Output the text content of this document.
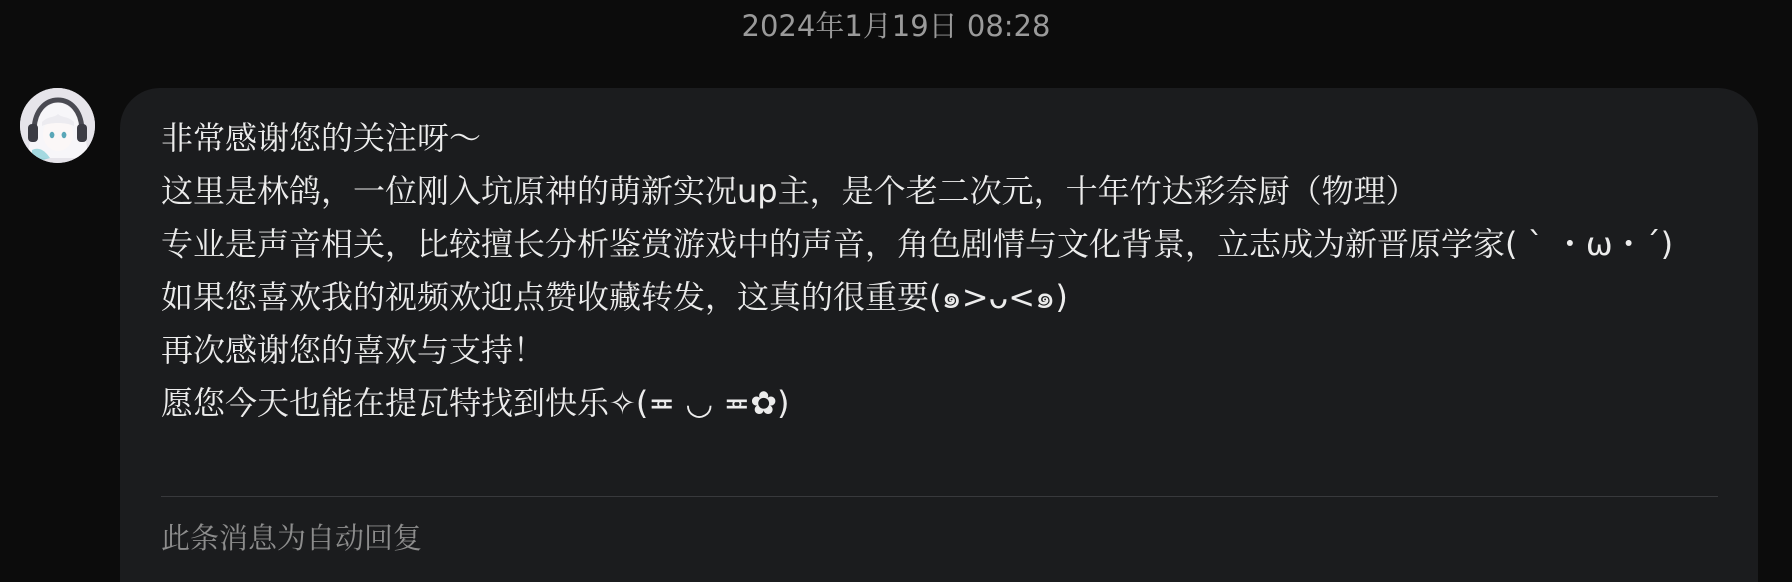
2024年1月19日 08:28
非常感谢您的关注呀～
这里是林鸽，一位刚入坑原神的萌新实况up主，是个老二次元，十年竹达彩奈厨（物理）
专业是声音相关，比较擅长分析鉴赏游戏中的声音，角色剧情与文化背景，立志成为新晋原学家( ˋ ・ω・ˊ)
如果您喜欢我的视频欢迎点赞收藏转发，这真的很重要(๑>ᴗ<๑)
再次感谢您的喜欢与支持！
愿您今天也能在提瓦特找到快乐✧(≖ ◡ ≖✿)
此条消息为自动回复
